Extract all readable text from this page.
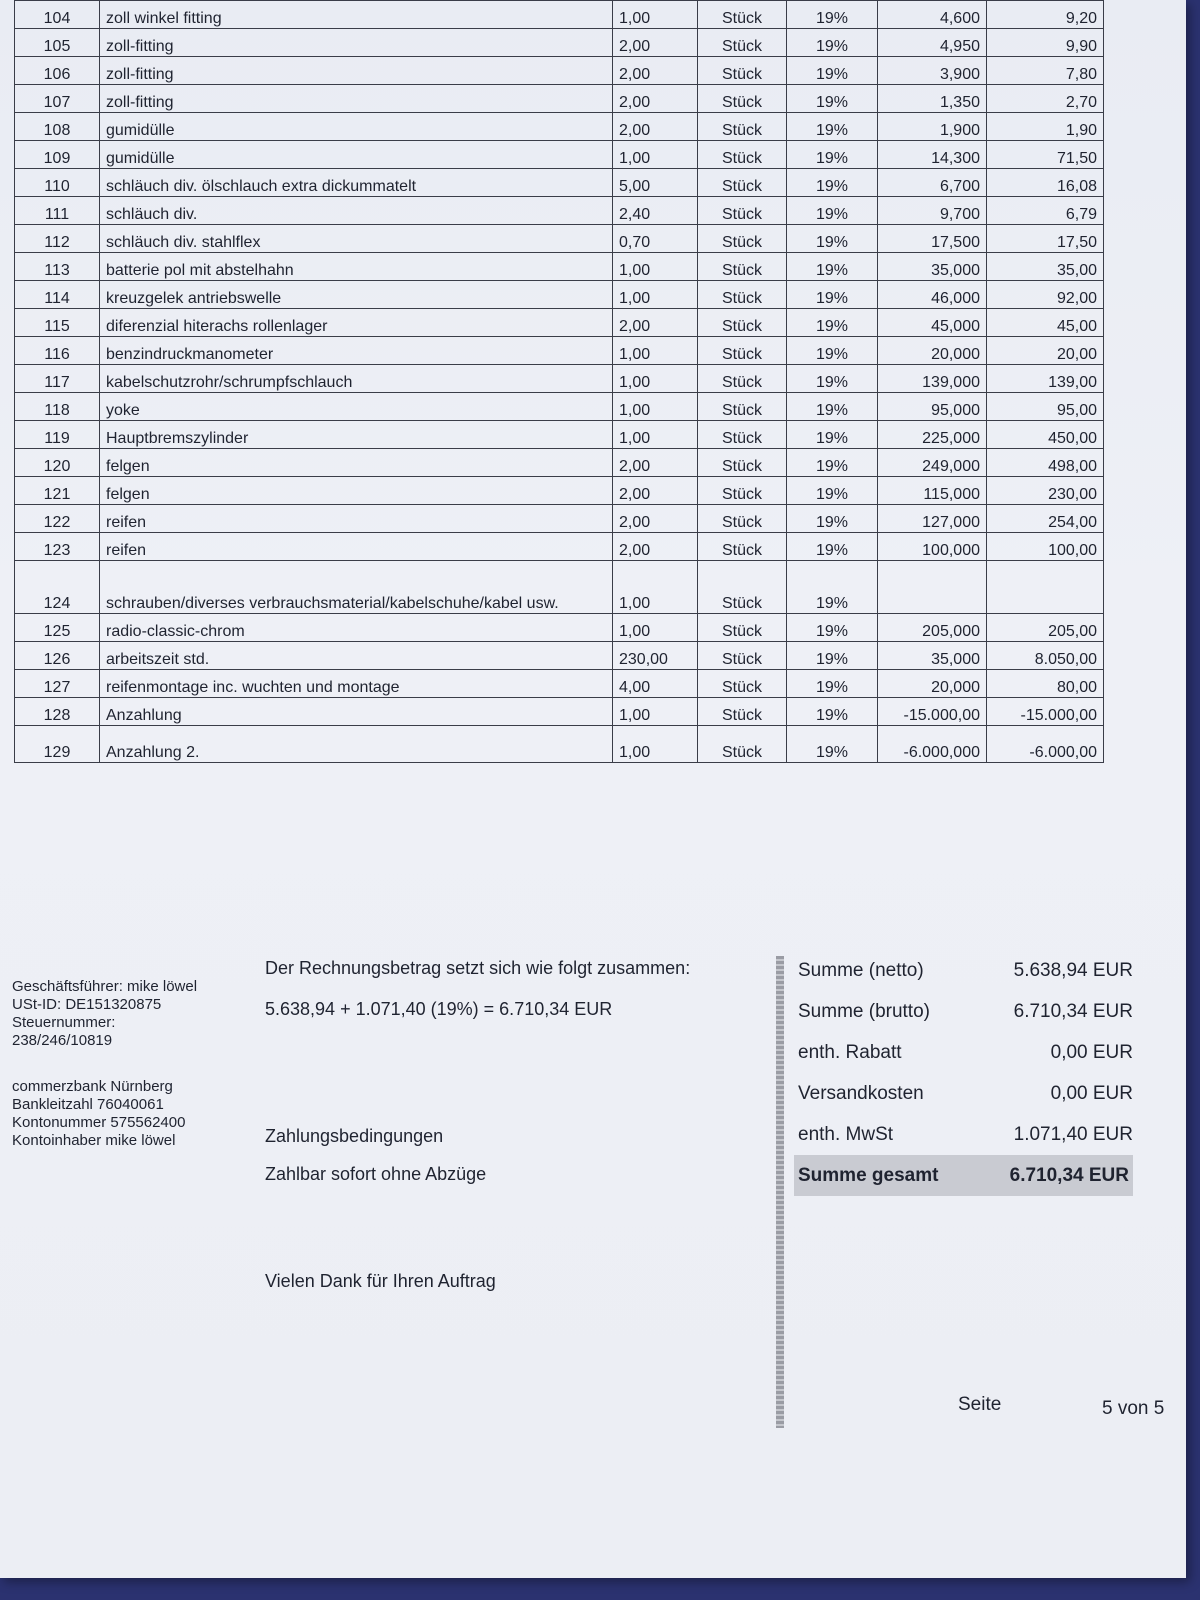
104	zoll winkel fitting	1,00	Stück	19%	4,600	9,20
105	zoll-fitting	2,00	Stück	19%	4,950	9,90
106	zoll-fitting	2,00	Stück	19%	3,900	7,80
107	zoll-fitting	2,00	Stück	19%	1,350	2,70
108	gumidülle	2,00	Stück	19%	1,900	1,90
109	gumidülle	1,00	Stück	19%	14,300	71,50
110	schläuch div. ölschlauch extra dickummatelt	5,00	Stück	19%	6,700	16,08
111	schläuch div.	2,40	Stück	19%	9,700	6,79
112	schläuch div. stahlflex	0,70	Stück	19%	17,500	17,50
113	batterie pol mit abstelhahn	1,00	Stück	19%	35,000	35,00
114	kreuzgelek antriebswelle	1,00	Stück	19%	46,000	92,00
115	diferenzial hiterachs rollenlager	2,00	Stück	19%	45,000	45,00
116	benzindruckmanometer	1,00	Stück	19%	20,000	20,00
117	kabelschutzrohr/schrumpfschlauch	1,00	Stück	19%	139,000	139,00
118	yoke	1,00	Stück	19%	95,000	95,00
119	Hauptbremszylinder	1,00	Stück	19%	225,000	450,00
120	felgen	2,00	Stück	19%	249,000	498,00
121	felgen	2,00	Stück	19%	115,000	230,00
122	reifen	2,00	Stück	19%	127,000	254,00
123	reifen	2,00	Stück	19%	100,000	100,00
124	schrauben/diverses verbrauchsmaterial/kabelschuhe/kabel usw.	1,00	Stück	19%		
125	radio-classic-chrom	1,00	Stück	19%	205,000	205,00
126	arbeitszeit std.	230,00	Stück	19%	35,000	8.050,00
127	reifenmontage inc. wuchten und montage	4,00	Stück	19%	20,000	80,00
128	Anzahlung	1,00	Stück	19%	-15.000,00	-15.000,00
129	Anzahlung 2.	1,00	Stück	19%	-6.000,000	-6.000,00
Geschäftsführer: mike löwel
USt-ID: DE151320875
Steuernummer:
238/246/10819
commerzbank Nürnberg
Bankleitzahl 76040061
Kontonummer 575562400
Kontoinhaber mike löwel
Der Rechnungsbetrag setzt sich wie folgt zusammen:
5.638,94 + 1.071,40 (19%) = 6.710,34 EUR
Zahlungsbedingungen
Zahlbar sofort ohne Abzüge
Vielen Dank für Ihren Auftrag
Summe (netto)	5.638,94 EUR
Summe (brutto)	6.710,34 EUR
enth. Rabatt	0,00 EUR
Versandkosten	0,00 EUR
enth. MwSt	1.071,40 EUR
Summe gesamt	6.710,34 EUR
Seite	5 von 5
